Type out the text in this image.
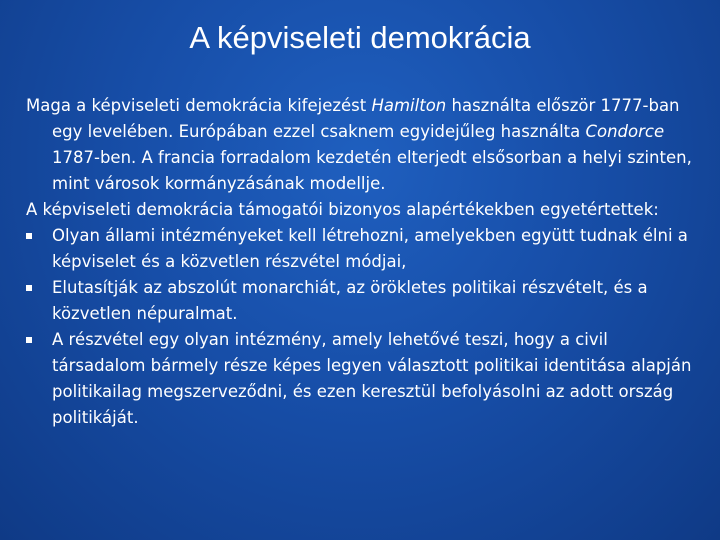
A képviseleti demokrácia

Maga a képviseleti demokrácia kifejezést Hamilton használta először 1777-ban egy levelében. Európában ezzel csaknem egyidejűleg használta Condorce 1787-ben. A francia forradalom kezdetén elterjedt elsősorban a helyi szinten, mint városok kormányzásának modellje.

A képviseleti demokrácia támogatói bizonyos alapértékekben egyetértettek:

Olyan állami intézményeket kell létrehozni, amelyekben együtt tudnak élni a képviselet és a közvetlen részvétel módjai,
Elutasítják az abszolút monarchiát, az örökletes politikai részvételt, és a közvetlen népuralmat.
A részvétel egy olyan intézmény, amely lehetővé teszi, hogy a civil társadalom bármely része képes legyen választott politikai identitása alapján politikailag megszerveződni, és ezen keresztül befolyásolni az adott ország politikáját.
